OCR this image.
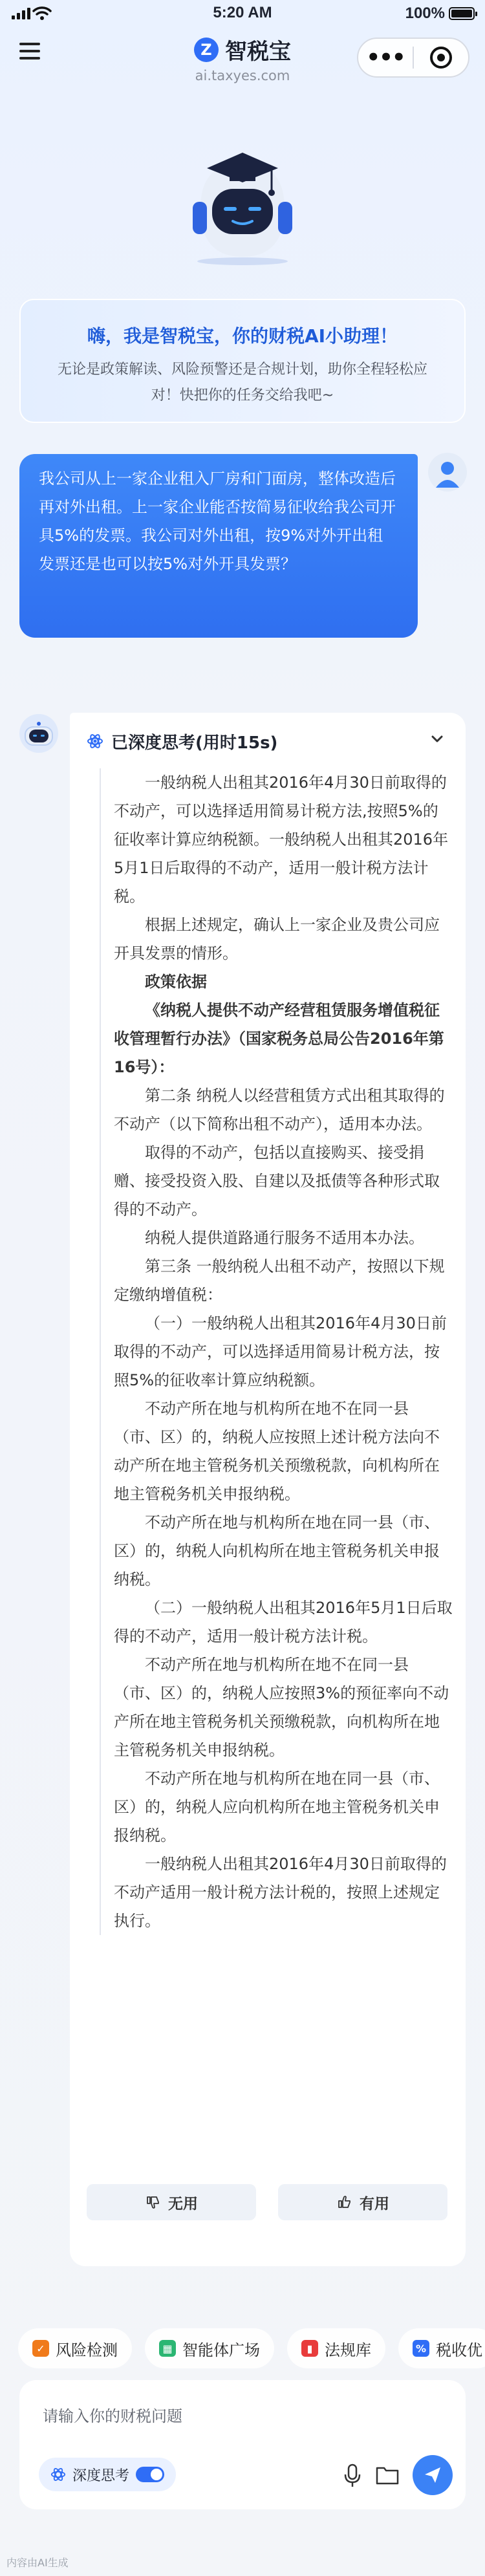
5:20 AM	100%
Z 智税宝
ai.taxyes.com
•••
嗨，我是智税宝，你的财税AI小助理！
无论是政策解读、风险预警还是合规计划，助你全程轻松应对！快把你的任务交给我吧~
我公司从上一家企业租入厂房和门面房，整体改造后再对外出租。上一家企业能否按简易征收给我公司开具5%的发票。我公司对外出租，按9%对外开出租发票还是也可以按5%对外开具发票？
已深度思考(用时15s)

一般纳税人出租其2016年4月30日前取得的不动产，可以选择适用简易计税方法,按照5%的征收率计算应纳税额。一般纳税人出租其2016年5月1日后取得的不动产，适用一般计税方法计税。

根据上述规定，确认上一家企业及贵公司应开具发票的情形。

政策依据

《纳税人提供不动产经营租赁服务增值税征收管理暂行办法》（国家税务总局公告2016年第16号）：

第二条 纳税人以经营租赁方式出租其取得的不动产（以下简称出租不动产），适用本办法。

取得的不动产，包括以直接购买、接受捐赠、接受投资入股、自建以及抵债等各种形式取得的不动产。

纳税人提供道路通行服务不适用本办法。

第三条 一般纳税人出租不动产，按照以下规定缴纳增值税：

（一）一般纳税人出租其2016年4月30日前取得的不动产，可以选择适用简易计税方法，按照5%的征收率计算应纳税额。

不动产所在地与机构所在地不在同一县（市、区）的，纳税人应按照上述计税方法向不动产所在地主管税务机关预缴税款，向机构所在地主管税务机关申报纳税。

不动产所在地与机构所在地在同一县（市、区）的，纳税人向机构所在地主管税务机关申报纳税。

（二）一般纳税人出租其2016年5月1日后取得的不动产，适用一般计税方法计税。

不动产所在地与机构所在地不在同一县（市、区）的，纳税人应按照3%的预征率向不动产所在地主管税务机关预缴税款，向机构所在地主管税务机关申报纳税。

不动产所在地与机构所在地在同一县（市、区）的，纳税人应向机构所在地主管税务机关申报纳税。

一般纳税人出租其2016年4月30日前取得的不动产适用一般计税方法计税的，按照上述规定执行。

无用	有用
✓ 风险检测	▦ 智能体广场	▮ 法规库	% 税收优
请输入你的财税问题
深度思考
内容由AI生成
